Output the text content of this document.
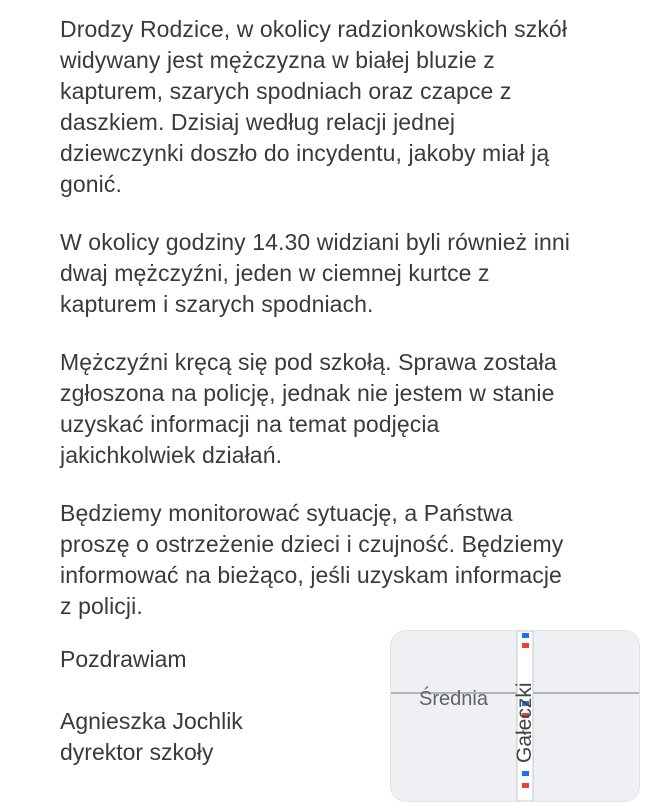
Drodzy Rodzice, w okolicy radzionkowskich szkół
widywany jest mężczyzna w białej bluzie z
kapturem, szarych spodniach oraz czapce z
daszkiem. Dzisiaj według relacji jednej
dziewczynki doszło do incydentu, jakoby miał ją
gonić.
W okolicy godziny 14.30 widziani byli również inni
dwaj mężczyźni, jeden w ciemnej kurtce z
kapturem i szarych spodniach.
Mężczyźni kręcą się pod szkołą. Sprawa została
zgłoszona na policję, jednak nie jestem w stanie
uzyskać informacji na temat podjęcia
jakichkolwiek działań.
Będziemy monitorować sytuację, a Państwa
proszę o ostrzeżenie dzieci i czujność. Będziemy
informować na bieżąco, jeśli uzyskam informacje
z policji.
Pozdrawiam
Agnieszka Jochlik
dyrektor szkoły
Średnia Gałeczki
